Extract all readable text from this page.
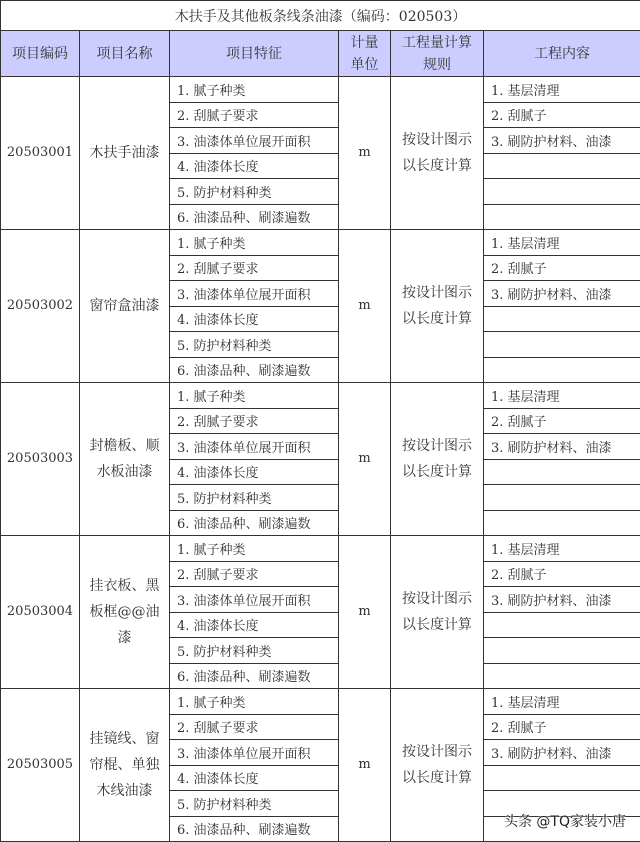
木扶手及其他板条线条油漆（编码：020503）					
项目编码	项目名称	项目特征	计量单位	工程量计算规则	工程内容
20503001	木扶手油漆	1. 腻子种类	m	按设计图示以长度计算	1. 基层清理
		2. 刮腻子要求			2. 刮腻子
		3. 油漆体单位展开面积			3. 刷防护材料、油漆
		4. 油漆体长度			
		5. 防护材料种类			
		6. 油漆品种、刷漆遍数			
20503002	窗帘盒油漆	1. 腻子种类	m	按设计图示以长度计算	1. 基层清理
		2. 刮腻子要求			2. 刮腻子
		3. 油漆体单位展开面积			3. 刷防护材料、油漆
		4. 油漆体长度			
		5. 防护材料种类			
		6. 油漆品种、刷漆遍数			
20503003	封檐板、顺水板油漆	1. 腻子种类	m	按设计图示以长度计算	1. 基层清理
		2. 刮腻子要求			2. 刮腻子
		3. 油漆体单位展开面积			3. 刷防护材料、油漆
		4. 油漆体长度			
		5. 防护材料种类			
		6. 油漆品种、刷漆遍数			
20503004	挂衣板、黑板框@@油漆	1. 腻子种类	m	按设计图示以长度计算	1. 基层清理
		2. 刮腻子要求			2. 刮腻子
		3. 油漆体单位展开面积			3. 刷防护材料、油漆
		4. 油漆体长度			
		5. 防护材料种类			
		6. 油漆品种、刷漆遍数			
20503005	挂镜线、窗帘棍、单独木线油漆	1. 腻子种类	m	按设计图示以长度计算	1. 基层清理
		2. 刮腻子要求			2. 刮腻子
		3. 油漆体单位展开面积			3. 刷防护材料、油漆
		4. 油漆体长度			
		5. 防护材料种类			
		6. 油漆品种、刷漆遍数			
头条 @TQ家装小唐
